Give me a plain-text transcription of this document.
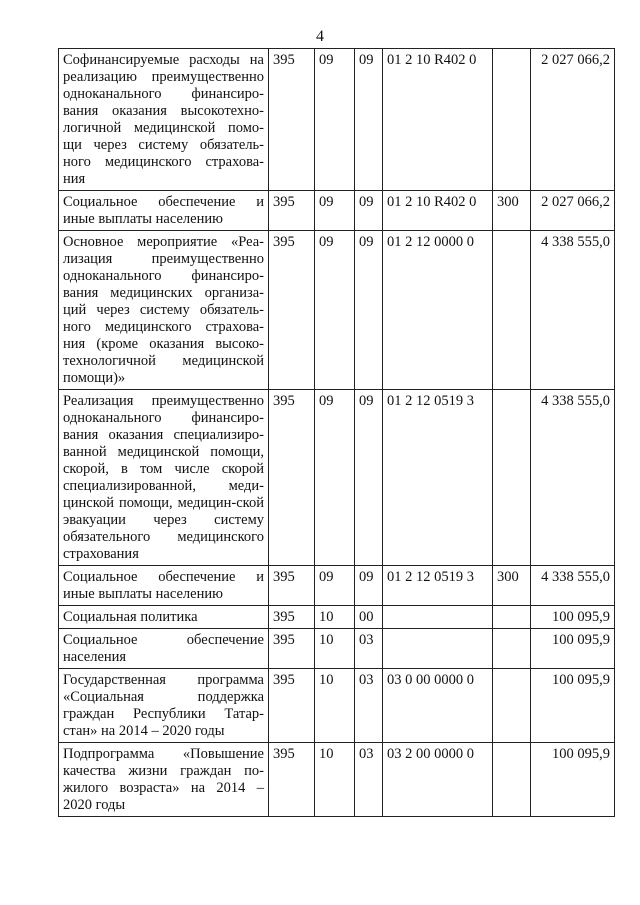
4
Софинансируемые расходы на реализацию преимущественно одноканального финансиро-вания оказания высокотехно-логичной медицинской помо-щи через систему обязатель-ного медицинского страхова-ния	395	09	09	01 2 10 R402 0		2 027 066,2
Социальное обеспечение и иные выплаты населению	395	09	09	01 2 10 R402 0	300	2 027 066,2
Основное мероприятие «Реа-лизация преимущественно одноканального финансиро-вания медицинских организа-ций через систему обязатель-ного медицинского страхова-ния (кроме оказания высоко-технологичной медицинской помощи)»	395	09	09	01 2 12 0000 0		4 338 555,0
Реализация преимущественно одноканального финансиро-вания оказания специализиро-ванной медицинской помощи, скорой, в том числе скорой специализированной, меди-цинской помощи, медицин-ской эвакуации через систему обязательного медицинского страхования	395	09	09	01 2 12 0519 3		4 338 555,0
Социальное обеспечение и иные выплаты населению	395	09	09	01 2 12 0519 3	300	4 338 555,0
Социальная политика	395	10	00			100 095,9
Социальное обеспечение населения	395	10	03			100 095,9
Государственная программа «Социальная поддержка граждан Республики Татар-стан» на 2014 – 2020 годы	395	10	03	03 0 00 0000 0		100 095,9
Подпрограмма «Повышение качества жизни граждан по-жилого возраста» на 2014 – 2020 годы	395	10	03	03 2 00 0000 0		100 095,9
